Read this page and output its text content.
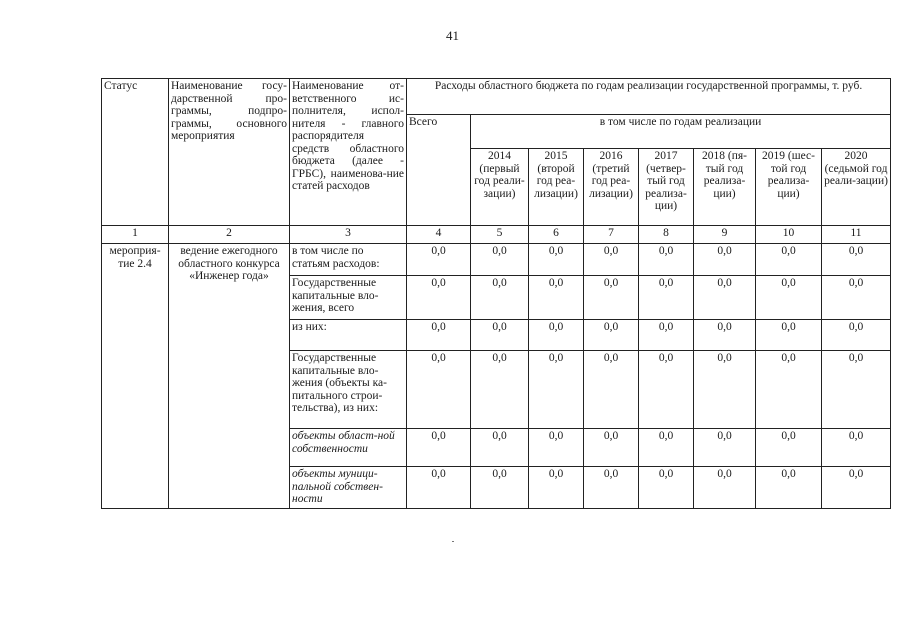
41
Статус	Наименование госу-дарственной про-граммы, подпро-граммы, основного мероприятия	Наименование от-ветственного ис-полнителя, испол-нителя - главного распорядителя средств областного бюджета (далее - ГРБС), наименова-ние статей расходов	Расходы областного бюджета по годам реализации государственной программы, т. руб.							
			Всего	в том числе по годам реализации						
				2014 (первый год реали-зации)	2015 (второй год реа-лизации)	2016 (третий год реа-лизации)	2017 (четвер-тый год реализа-ции)	2018 (пя-тый год реализа-ции)	2019 (шес-той год реализа-ции)	2020 (седьмой год реали-зации)
1	2	3	4	5	6	7	8	9	10	11
мероприя-тие 2.4	ведение ежегодного областного конкурса «Инженер года»	в том числе по статьям расходов:	0,0	0,0	0,0	0,0	0,0	0,0	0,0	0,0
		Государственные капитальные вло-жения, всего	0,0	0,0	0,0	0,0	0,0	0,0	0,0	0,0
		из них:	0,0	0,0	0,0	0,0	0,0	0,0	0,0	0,0
		Государственные капитальные вло-жения (объекты ка-питального строи-тельства), из них:	0,0	0,0	0,0	0,0	0,0	0,0	0,0	0,0
		объекты област-ной собственности	0,0	0,0	0,0	0,0	0,0	0,0	0,0	0,0
		объекты муници-пальной собствен-ности	0,0	0,0	0,0	0,0	0,0	0,0	0,0	0,0
